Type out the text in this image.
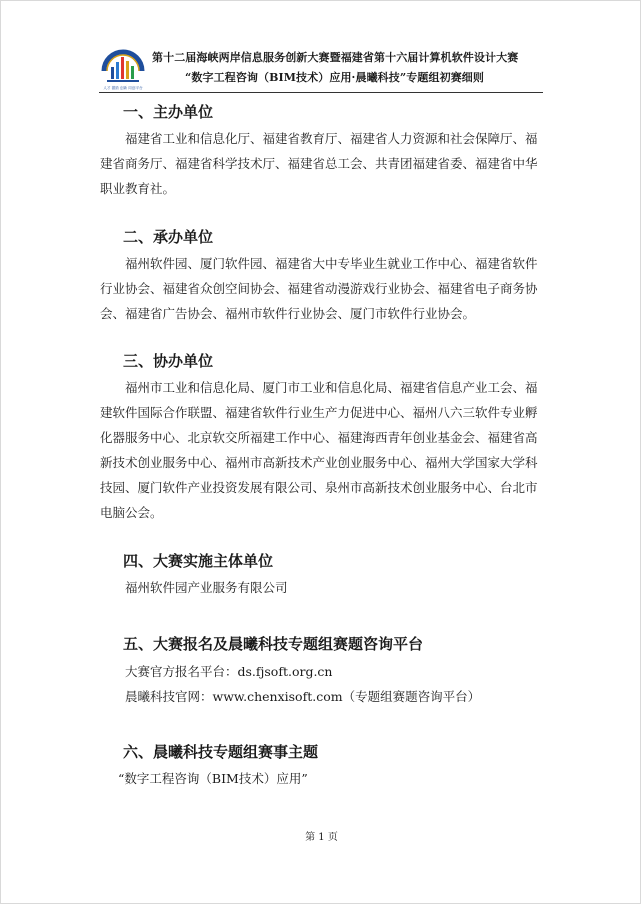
人才 激励 创新 同创平台
第十二届海峡两岸信息服务创新大赛暨福建省第十六届计算机软件设计大赛
“数字工程咨询（BIM技术）应用·晨曦科技”专题组初赛细则
一、主办单位
福建省工业和信息化厅、福建省教育厅、福建省人力资源和社会保障厅、福
建省商务厅、福建省科学技术厅、福建省总工会、共青团福建省委、福建省中华
职业教育社。
二、承办单位
福州软件园、厦门软件园、福建省大中专毕业生就业工作中心、福建省软件
行业协会、福建省众创空间协会、福建省动漫游戏行业协会、福建省电子商务协
会、福建省广告协会、福州市软件行业协会、厦门市软件行业协会。
三、协办单位
福州市工业和信息化局、厦门市工业和信息化局、福建省信息产业工会、福
建软件国际合作联盟、福建省软件行业生产力促进中心、福州八六三软件专业孵
化器服务中心、北京软交所福建工作中心、福建海西青年创业基金会、福建省高
新技术创业服务中心、福州市高新技术产业创业服务中心、福州大学国家大学科
技园、厦门软件产业投资发展有限公司、泉州市高新技术创业服务中心、台北市
电脑公会。
四、大赛实施主体单位
福州软件园产业服务有限公司
五、大赛报名及晨曦科技专题组赛题咨询平台
大赛官方报名平台：ds.fjsoft.org.cn
晨曦科技官网：www.chenxisoft.com（专题组赛题咨询平台）
六、晨曦科技专题组赛事主题
“数字工程咨询（BIM技术）应用”
第 1 页
